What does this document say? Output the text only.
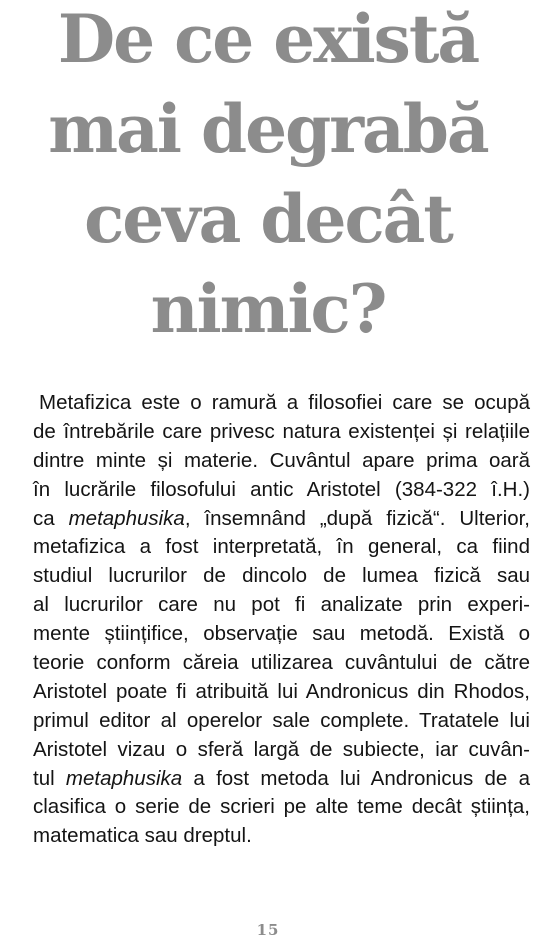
De ce există
mai degrabă
ceva decât
nimic?
Metafizica este o ramură a filosofiei care se ocupă
de întrebările care privesc natura existenței și relațiile
dintre minte și materie. Cuvântul apare prima oară
în lucrările filosofului antic Aristotel (384-322 î.H.)
ca metaphusika, însemnând „după fizică“. Ulterior,
metafizica a fost interpretată, în general, ca fiind
studiul lucrurilor de dincolo de lumea fizică sau
al lucrurilor care nu pot fi analizate prin experi-
mente științifice, observație sau metodă. Există o
teorie conform căreia utilizarea cuvântului de către
Aristotel poate fi atribuită lui Andronicus din Rhodos,
primul editor al operelor sale complete. Tratatele lui
Aristotel vizau o sferă largă de subiecte, iar cuvân-
tul metaphusika a fost metoda lui Andronicus de a
clasifica o serie de scrieri pe alte teme decât știința,
matematica sau dreptul.
15
